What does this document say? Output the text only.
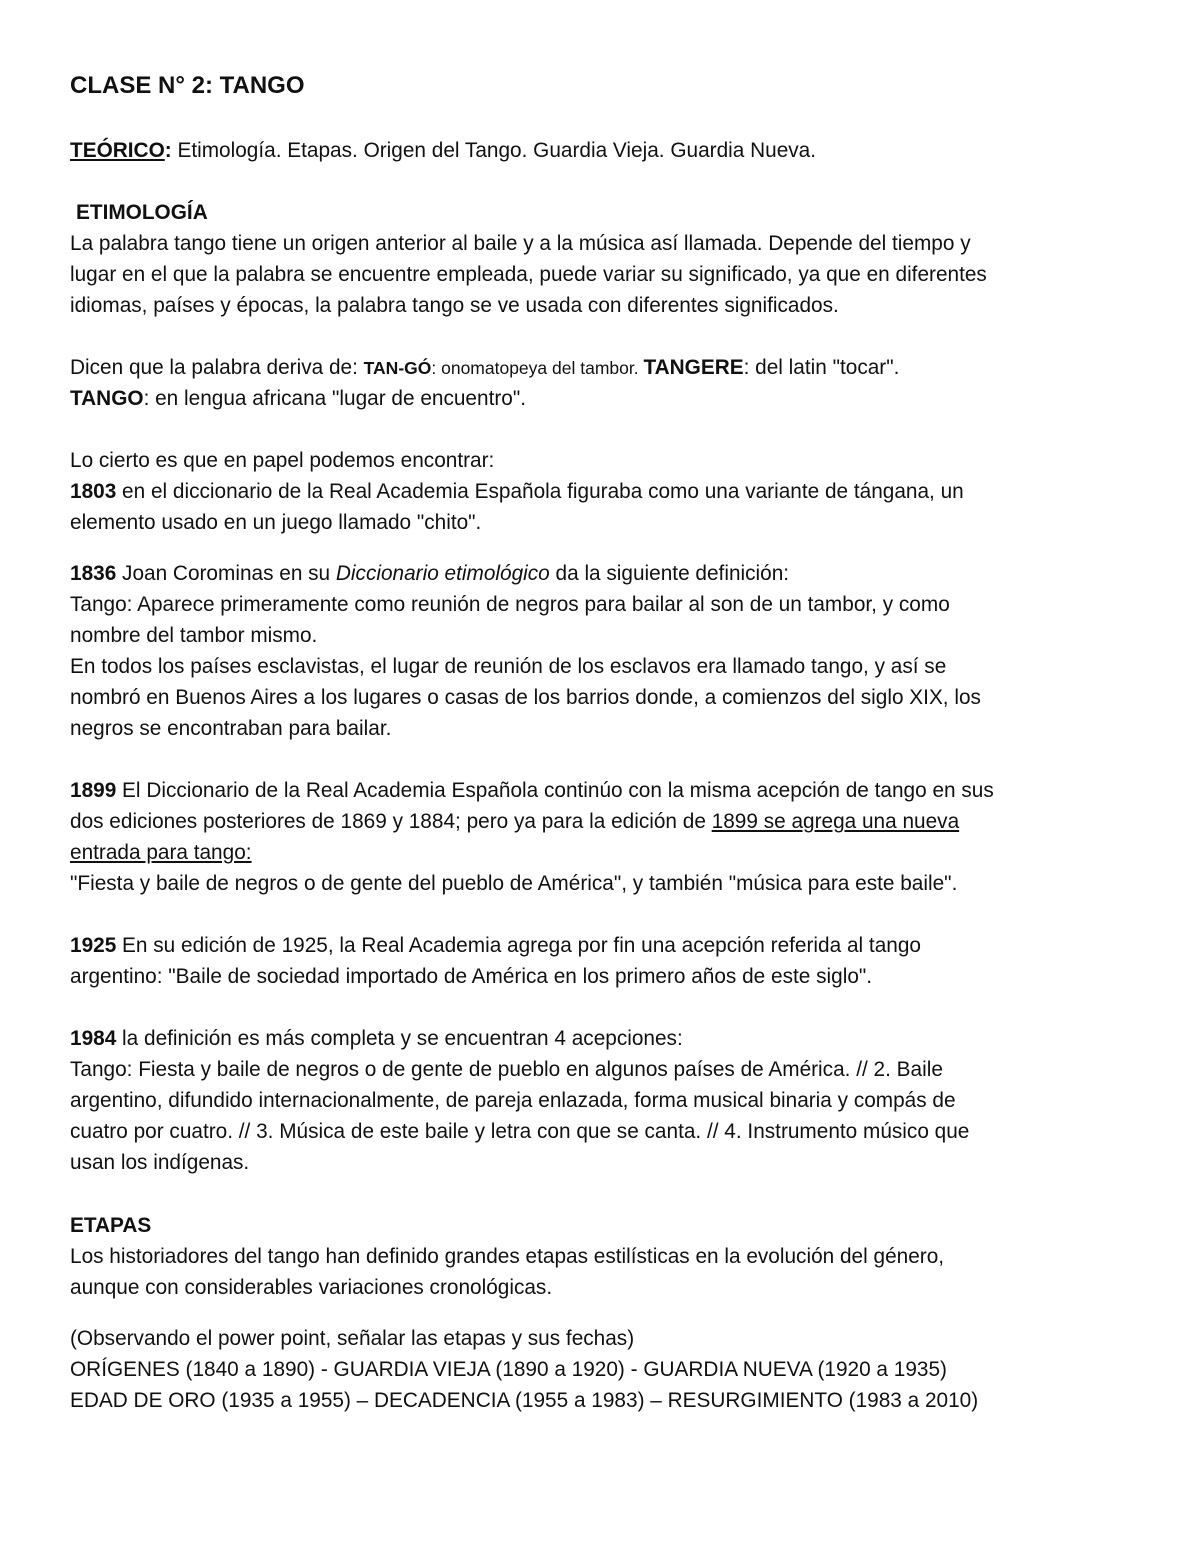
CLASE N° 2: TANGO
TEÓRICO: Etimología. Etapas. Origen del Tango. Guardia Vieja. Guardia Nueva.
ETIMOLOGÍA
La palabra tango tiene un origen anterior al baile y a la música así llamada. Depende del tiempo y
lugar en el que la palabra se encuentre empleada, puede variar su significado, ya que en diferentes
idiomas, países y épocas, la palabra tango se ve usada con diferentes significados.
Dicen que la palabra deriva de: TAN-GÓ: onomatopeya del tambor. TANGERE: del latin "tocar".
TANGO: en lengua africana "lugar de encuentro".
Lo cierto es que en papel podemos encontrar:
1803 en el diccionario de la Real Academia Española figuraba como una variante de tángana, un
elemento usado en un juego llamado "chito".
1836 Joan Corominas en su Diccionario etimológico da la siguiente definición:
Tango: Aparece primeramente como reunión de negros para bailar al son de un tambor, y como
nombre del tambor mismo.
En todos los países esclavistas, el lugar de reunión de los esclavos era llamado tango, y así se
nombró en Buenos Aires a los lugares o casas de los barrios donde, a comienzos del siglo XIX, los
negros se encontraban para bailar.
1899 El Diccionario de la Real Academia Española continúo con la misma acepción de tango en sus
dos ediciones posteriores de 1869 y 1884; pero ya para la edición de 1899 se agrega una nueva
entrada para tango:
"Fiesta y baile de negros o de gente del pueblo de América", y también "música para este baile".
1925 En su edición de 1925, la Real Academia agrega por fin una acepción referida al tango
argentino: "Baile de sociedad importado de América en los primero años de este siglo".
1984 la definición es más completa y se encuentran 4 acepciones:
Tango: Fiesta y baile de negros o de gente de pueblo en algunos países de América. // 2. Baile
argentino, difundido internacionalmente, de pareja enlazada, forma musical binaria y compás de
cuatro por cuatro. // 3. Música de este baile y letra con que se canta. // 4. Instrumento músico que
usan los indígenas.
ETAPAS
Los historiadores del tango han definido grandes etapas estilísticas en la evolución del género,
aunque con considerables variaciones cronológicas.
(Observando el power point, señalar las etapas y sus fechas)
ORÍGENES (1840 a 1890) - GUARDIA VIEJA (1890 a 1920) - GUARDIA NUEVA (1920 a 1935)
EDAD DE ORO (1935 a 1955) – DECADENCIA (1955 a 1983) – RESURGIMIENTO (1983 a 2010)
